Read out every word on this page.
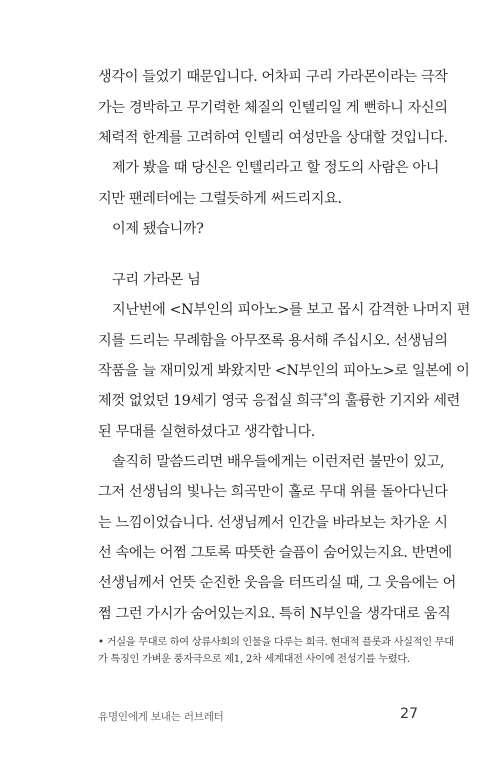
생각이 들었기 때문입니다. 어차피 구리 가라몬이라는 극작
가는 경박하고 무기력한 체질의 인텔리일 게 뻔하니 자신의
체력적 한계를 고려하여 인텔리 여성만을 상대할 것입니다.
제가 봤을 때 당신은 인텔리라고 할 정도의 사람은 아니
지만 팬레터에는 그럴듯하게 써드리지요.
이제 됐습니까?
구리 가라몬 님
지난번에 <N부인의 피아노>를 보고 몹시 감격한 나머지 편
지를 드리는 무례함을 아무쪼록 용서해 주십시오. 선생님의
작품을 늘 재미있게 봐왔지만 <N부인의 피아노>로 일본에 이
제껏 없었던 19세기 영국 응접실 희극*의 훌륭한 기지와 세련
된 무대를 실현하셨다고 생각합니다.
솔직히 말씀드리면 배우들에게는 이런저런 불만이 있고,
그저 선생님의 빛나는 희곡만이 홀로 무대 위를 돌아다닌다
는 느낌이었습니다. 선생님께서 인간을 바라보는 차가운 시
선 속에는 어쩜 그토록 따뜻한 슬픔이 숨어있는지요. 반면에
선생님께서 언뜻 순진한 웃음을 터뜨리실 때, 그 웃음에는 어
쩜 그런 가시가 숨어있는지요. 특히 N부인을 생각대로 움직
• 거실을 무대로 하여 상류사회의 인물을 다루는 희극. 현대적 플롯과 사실적인 무대
가 특징인 가벼운 풍자극으로 제1, 2차 세계대전 사이에 전성기를 누렸다.
유명인에게 보내는 러브레터	27
